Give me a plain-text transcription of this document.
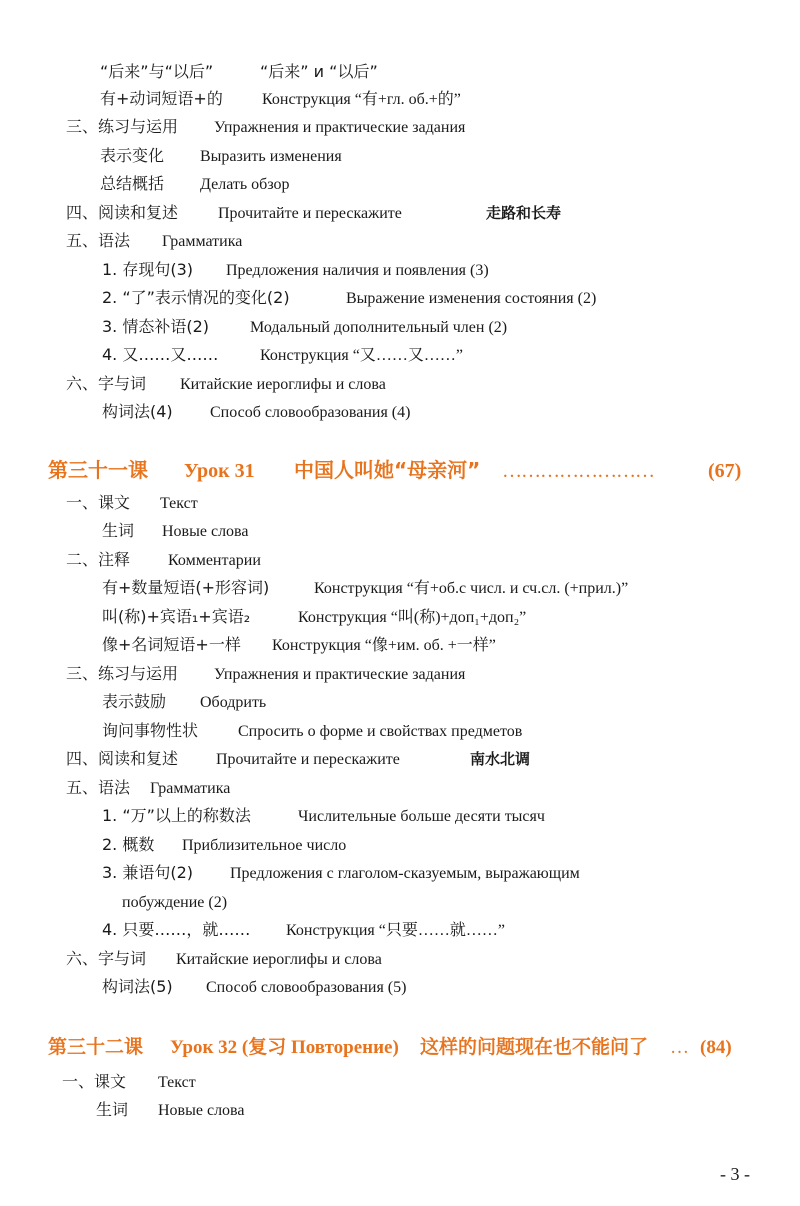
“后来”与“以后”	“后来” и “以后”
有+动词短语+的 Конструкция “有+гл. об.+的”
三、练习与运用 Упражнения и практические задания
表示变化 Выразить изменения
总结概括 Делать обзор
四、阅读和复述 Прочитайте и перескажите	走路和长寿
五、语法 Грамматика
1. 存现句(3) Предложения наличия и появления (3)
2. “了”表示情况的变化(2)	Выражение изменения состояния (2)
3. 情态补语(2)	Модальный дополнительный член (2)
4. 又……又……	Конструкция “又……又……”
六、字与词 Китайские иероглифы и слова
构词法(4) Способ словообразования (4)
第三十一课 Урок 31 中国人叫她“母亲河” ……………………	(67)
一、课文 Текст
生词 Новые слова
二、注释 Комментарии
有+数量短语(+形容词)	Конструкция “有+об.с числ. и сч.сл. (+прил.)”
叫(称)+宾语₁+宾语₂	Конструкция “叫(称)+доп₁+доп₂”
像+名词短语+一样 Конструкция “像+им. об. +一样”
三、练习与运用 Упражнения и практические задания
表示鼓励 Ободрить
询问事物性状 Спросить о форме и свойствах предметов
四、阅读和复述 Прочитайте и перескажите	南水北调
五、语法 Грамматика
1. “万”以上的称数法	Числительные больше десяти тысяч
2. 概数 Приблизительное число
3. 兼语句(2) Предложения с глаголом-сказуемым, выражающим
побуждение (2)
4. 只要……，就…… Конструкция “只要……就……”
六、字与词 Китайские иероглифы и слова
构词法(5) Способ словообразования (5)
第三十二课 Урок 32 (复习 Повторение) 这样的问题现在也不能问了 … (84)
一、课文 Текст
生词 Новые слова
- 3 -
